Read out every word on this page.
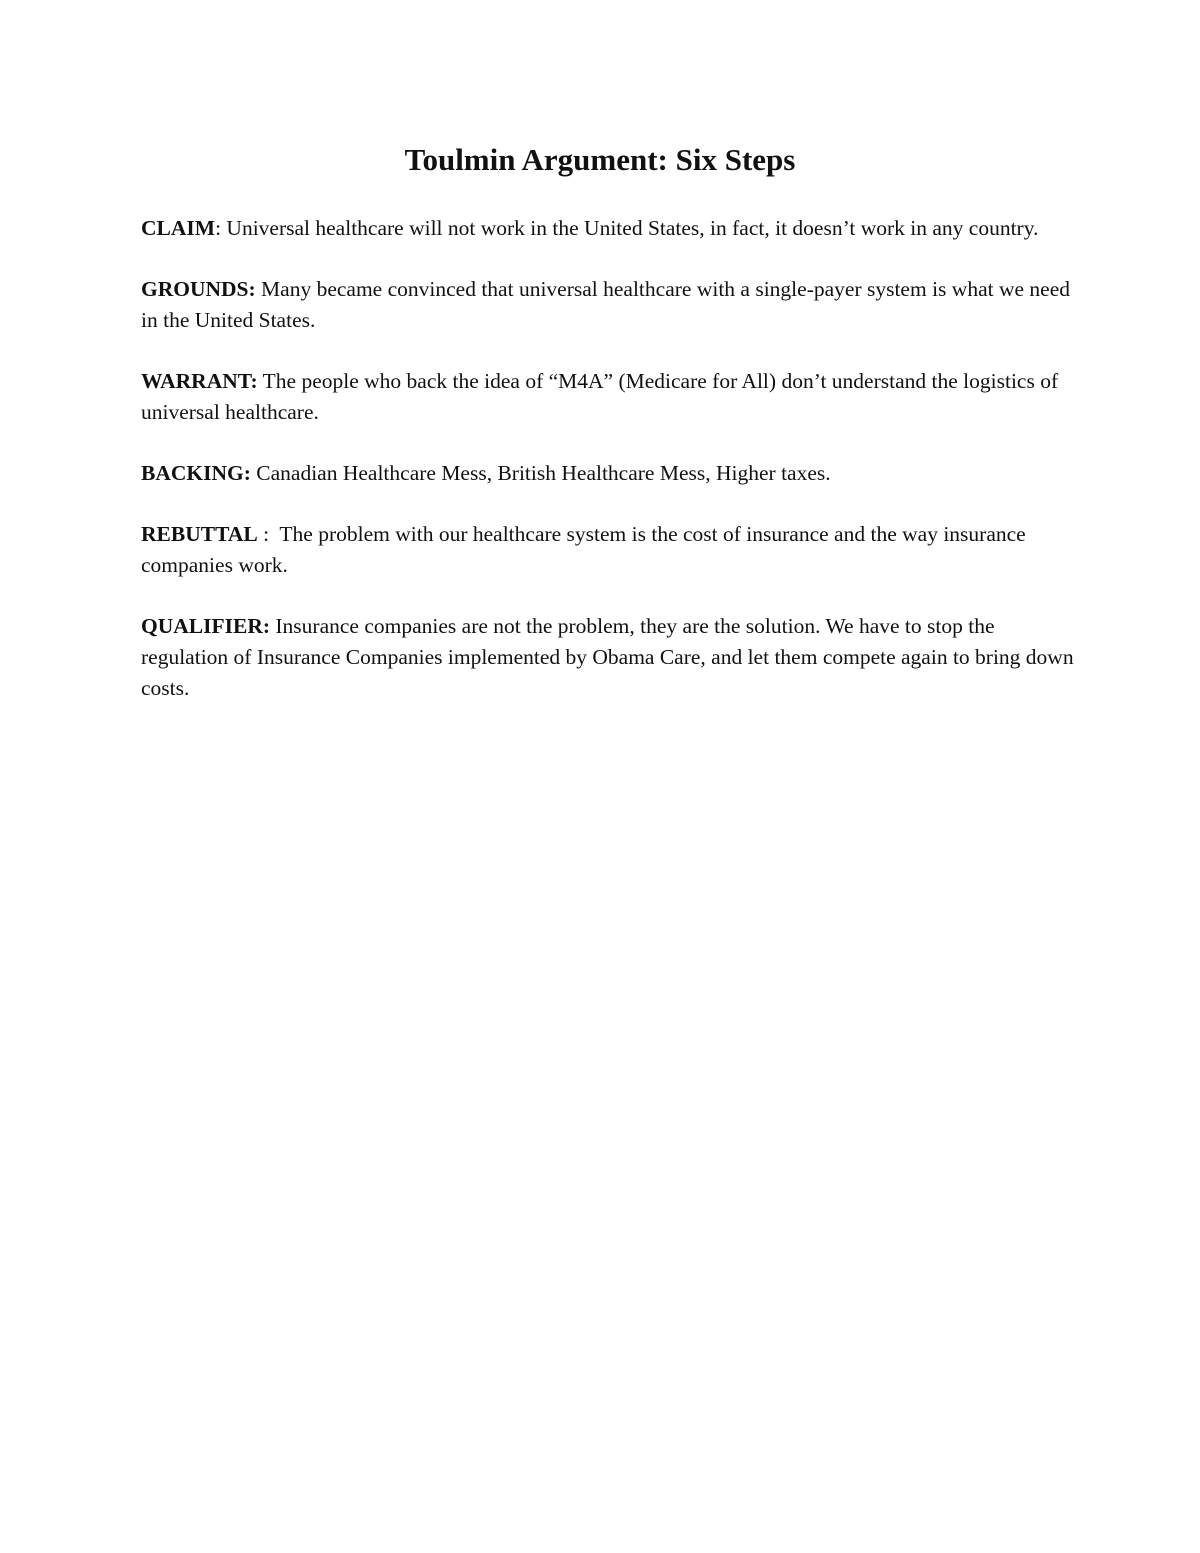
Toulmin Argument: Six Steps

CLAIM: Universal healthcare will not work in the United States, in fact, it doesn’t work in any country.

GROUNDS: Many became convinced that universal healthcare with a single-payer system is what we need in the United States.

WARRANT: The people who back the idea of “M4A” (Medicare for All) don’t understand the logistics of universal healthcare.

BACKING: Canadian Healthcare Mess, British Healthcare Mess, Higher taxes.

REBUTTAL :  The problem with our healthcare system is the cost of insurance and the way insurance companies work.

QUALIFIER: Insurance companies are not the problem, they are the solution. We have to stop the regulation of Insurance Companies implemented by Obama Care, and let them compete again to bring down costs.
